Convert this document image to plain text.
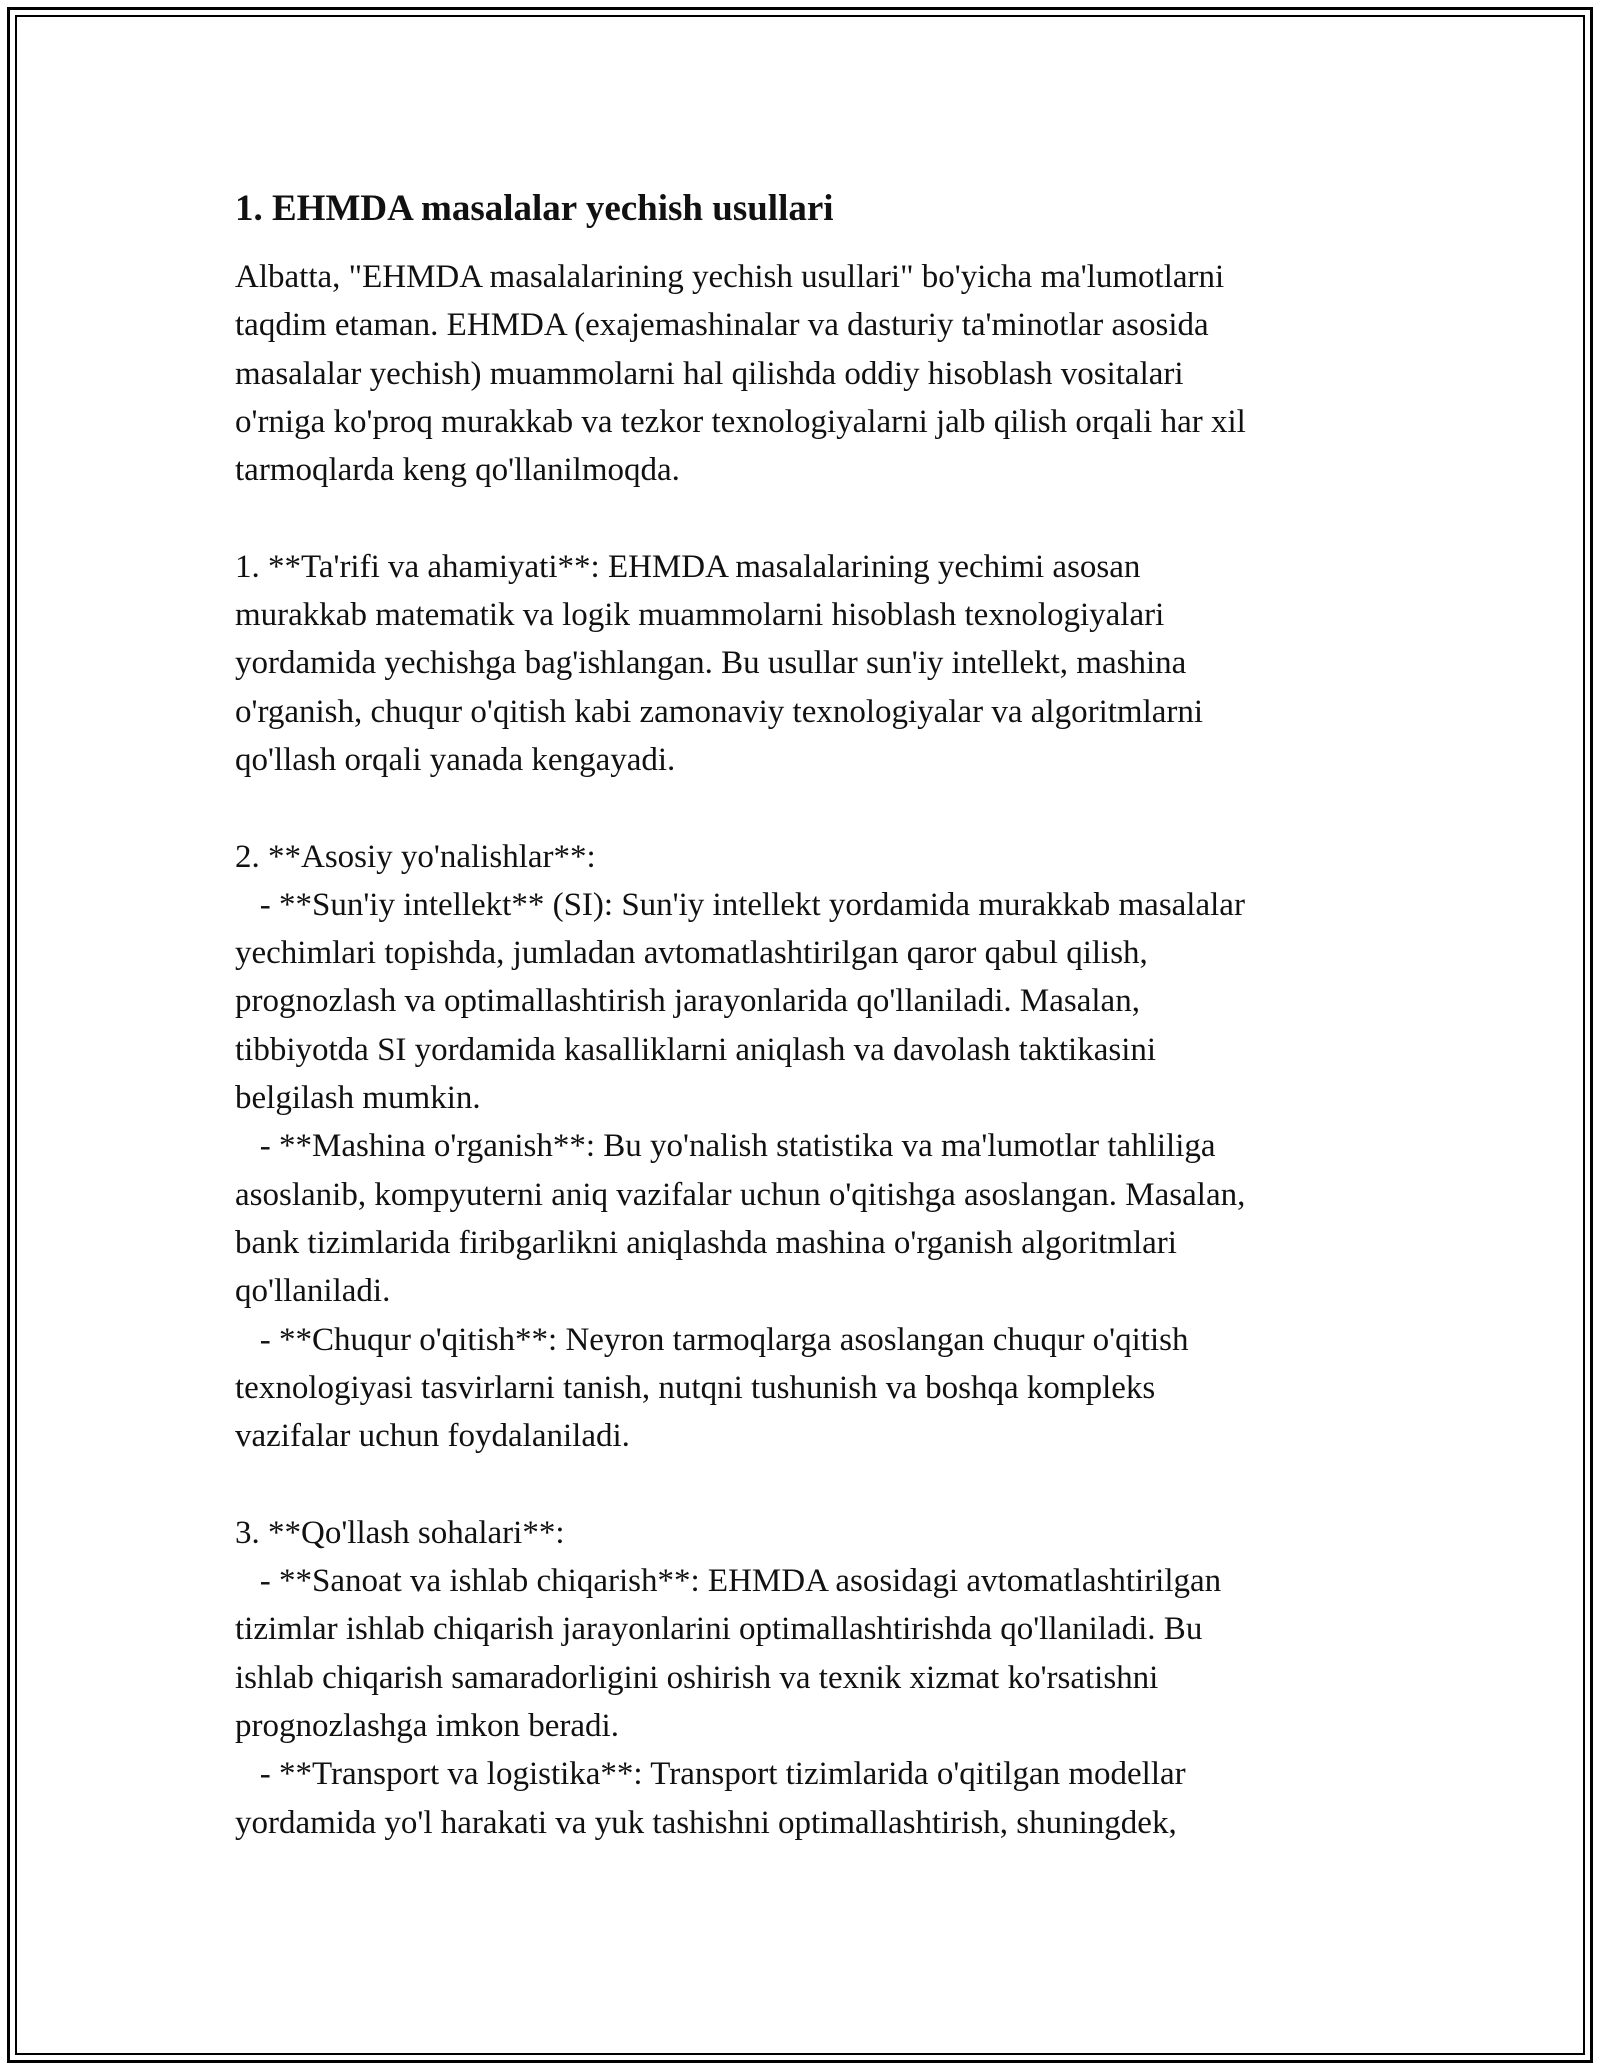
1. EHMDA masalalar yechish usullari
Albatta, "EHMDA masalalarining yechish usullari" bo'yicha ma'lumotlarni
taqdim etaman. EHMDA (exajemashinalar va dasturiy ta'minotlar asosida
masalalar yechish) muammolarni hal qilishda oddiy hisoblash vositalari
o'rniga ko'proq murakkab va tezkor texnologiyalarni jalb qilish orqali har xil
tarmoqlarda keng qo'llanilmoqda.
1. **Ta'rifi va ahamiyati**: EHMDA masalalarining yechimi asosan
murakkab matematik va logik muammolarni hisoblash texnologiyalari
yordamida yechishga bag'ishlangan. Bu usullar sun'iy intellekt, mashina
o'rganish, chuqur o'qitish kabi zamonaviy texnologiyalar va algoritmlarni
qo'llash orqali yanada kengayadi.
2. **Asosiy yo'nalishlar**:
- **Sun'iy intellekt** (SI): Sun'iy intellekt yordamida murakkab masalalar
yechimlari topishda, jumladan avtomatlashtirilgan qaror qabul qilish,
prognozlash va optimallashtirish jarayonlarida qo'llaniladi. Masalan,
tibbiyotda SI yordamida kasalliklarni aniqlash va davolash taktikasini
belgilash mumkin.
- **Mashina o'rganish**: Bu yo'nalish statistika va ma'lumotlar tahliliga
asoslanib, kompyuterni aniq vazifalar uchun o'qitishga asoslangan. Masalan,
bank tizimlarida firibgarlikni aniqlashda mashina o'rganish algoritmlari
qo'llaniladi.
- **Chuqur o'qitish**: Neyron tarmoqlarga asoslangan chuqur o'qitish
texnologiyasi tasvirlarni tanish, nutqni tushunish va boshqa kompleks
vazifalar uchun foydalaniladi.
3. **Qo'llash sohalari**:
- **Sanoat va ishlab chiqarish**: EHMDA asosidagi avtomatlashtirilgan
tizimlar ishlab chiqarish jarayonlarini optimallashtirishda qo'llaniladi. Bu
ishlab chiqarish samaradorligini oshirish va texnik xizmat ko'rsatishni
prognozlashga imkon beradi.
- **Transport va logistika**: Transport tizimlarida o'qitilgan modellar
yordamida yo'l harakati va yuk tashishni optimallashtirish, shuningdek,
